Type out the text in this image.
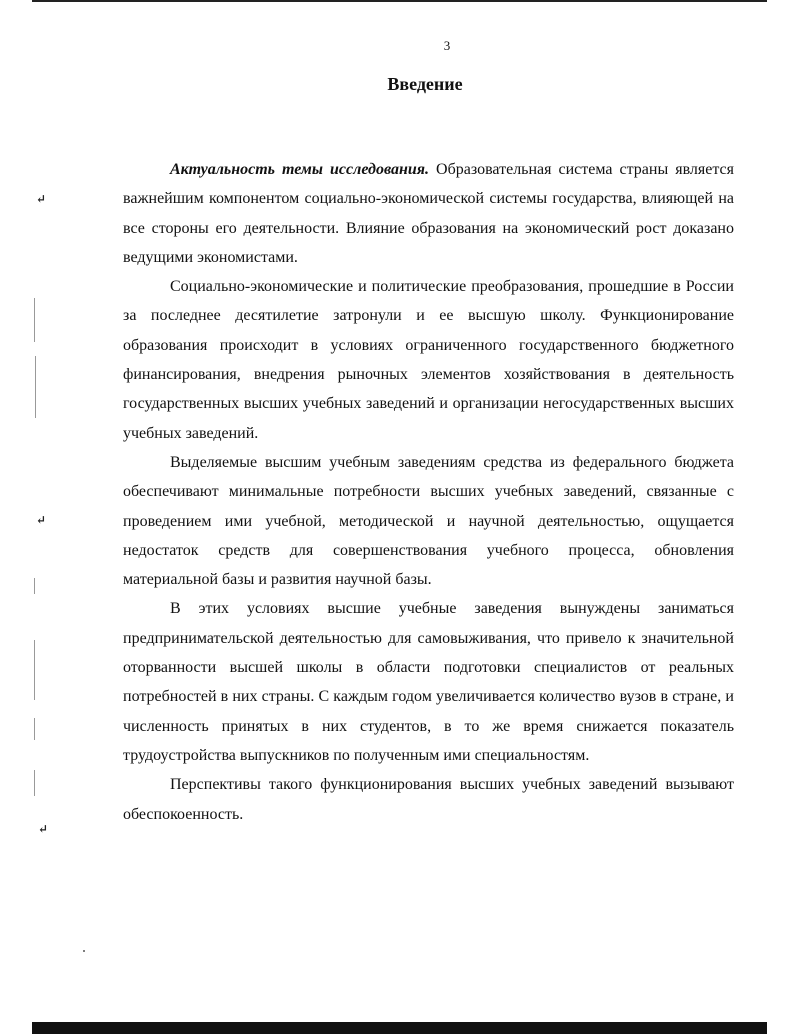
3
Введение

Актуальность темы исследования. Образовательная система страны является важнейшим компонентом социально-экономической системы государства, влияющей на все стороны его деятельности. Влияние образования на экономический рост доказано ведущими экономистами.

Социально-экономические и политические преобразования, прошедшие в России за последнее десятилетие затронули и ее высшую школу. Функционирование образования происходит в условиях ограниченного государственного бюджетного финансирования, внедрения рыночных элементов хозяйствования в деятельность государственных высших учебных заведений и организации негосударственных высших учебных заведений.

Выделяемые высшим учебным заведениям средства из федерального бюджета обеспечивают минимальные потребности высших учебных заведений, связанные с проведением ими учебной, методической и научной деятельностью, ощущается недостаток средств для совершенствования учебного процесса, обновления материальной базы и развития научной базы.

В этих условиях высшие учебные заведения вынуждены заниматься предпринимательской деятельностью для самовыживания, что привело к значительной оторванности высшей школы в области подготовки специалистов от реальных потребностей в них страны. С каждым годом увеличивается количество вузов в стране, и численность принятых в них студентов, в то же время снижается показатель трудоустройства выпускников по полученным ими специальностям.

Перспективы такого функционирования высших учебных заведений вызывают обеспокоенность.

↵
↵
↵
